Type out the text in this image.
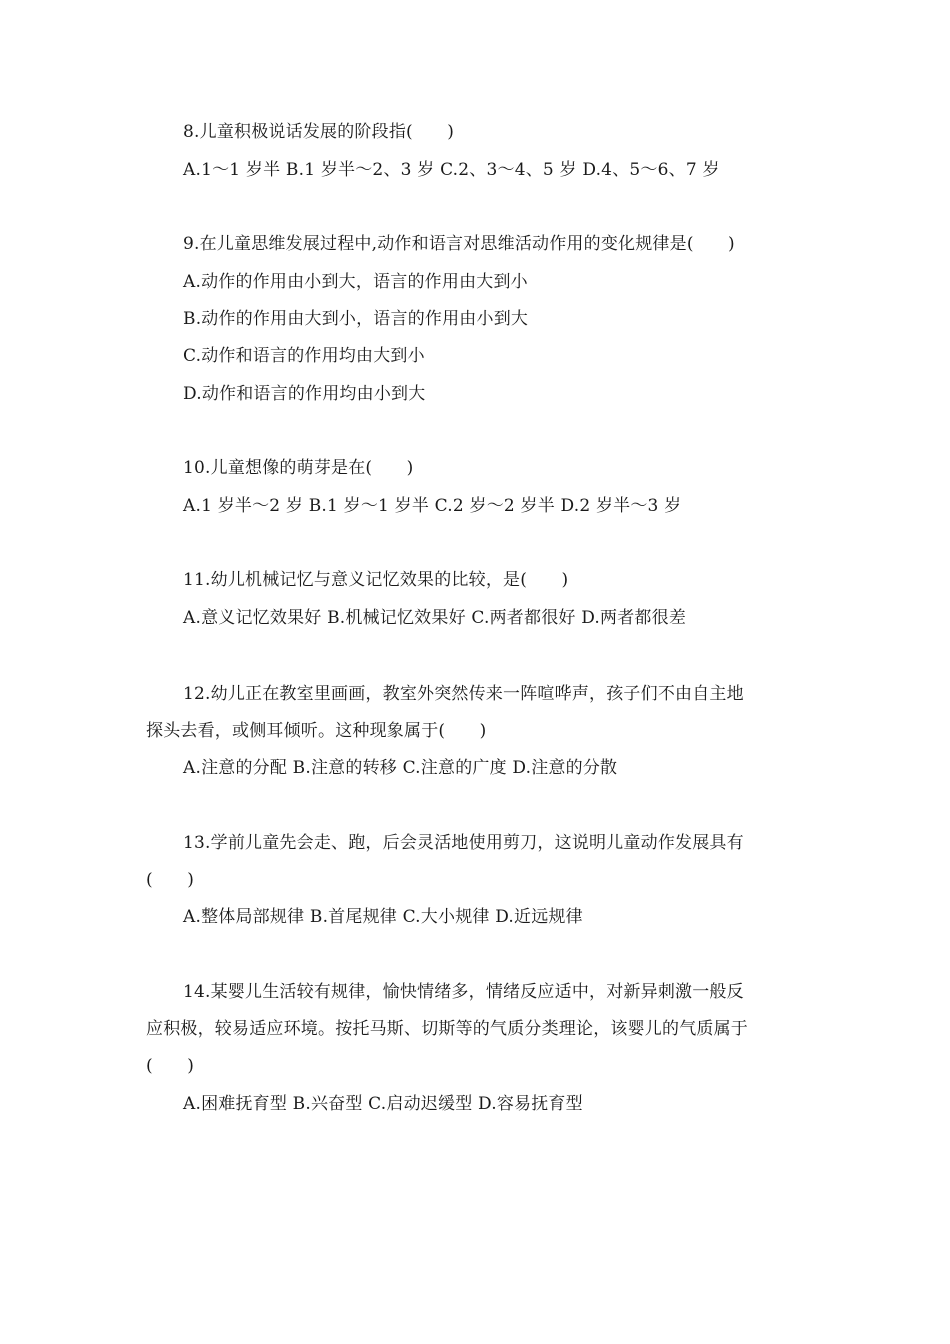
8.儿童积极说话发展的阶段指(　　)
A.1～1 岁半 B.1 岁半～2、3 岁 C.2、3～4、5 岁 D.4、5～6、7 岁
9.在儿童思维发展过程中,动作和语言对思维活动作用的变化规律是(　　)
A.动作的作用由小到大，语言的作用由大到小
B.动作的作用由大到小，语言的作用由小到大
C.动作和语言的作用均由大到小
D.动作和语言的作用均由小到大
10.儿童想像的萌芽是在(　　)
A.1 岁半～2 岁 B.1 岁～1 岁半 C.2 岁～2 岁半 D.2 岁半～3 岁
11.幼儿机械记忆与意义记忆效果的比较，是(　　)
A.意义记忆效果好 B.机械记忆效果好 C.两者都很好 D.两者都很差
12.幼儿正在教室里画画，教室外突然传来一阵喧哗声，孩子们不由自主地
探头去看，或侧耳倾听。这种现象属于(　　)
A.注意的分配 B.注意的转移 C.注意的广度 D.注意的分散
13.学前儿童先会走、跑，后会灵活地使用剪刀，这说明儿童动作发展具有
(　　)
A.整体局部规律 B.首尾规律 C.大小规律 D.近远规律
14.某婴儿生活较有规律，愉快情绪多，情绪反应适中，对新异刺激一般反
应积极，较易适应环境。按托马斯、切斯等的气质分类理论，该婴儿的气质属于
(　　)
A.困难抚育型 B.兴奋型 C.启动迟缓型 D.容易抚育型
